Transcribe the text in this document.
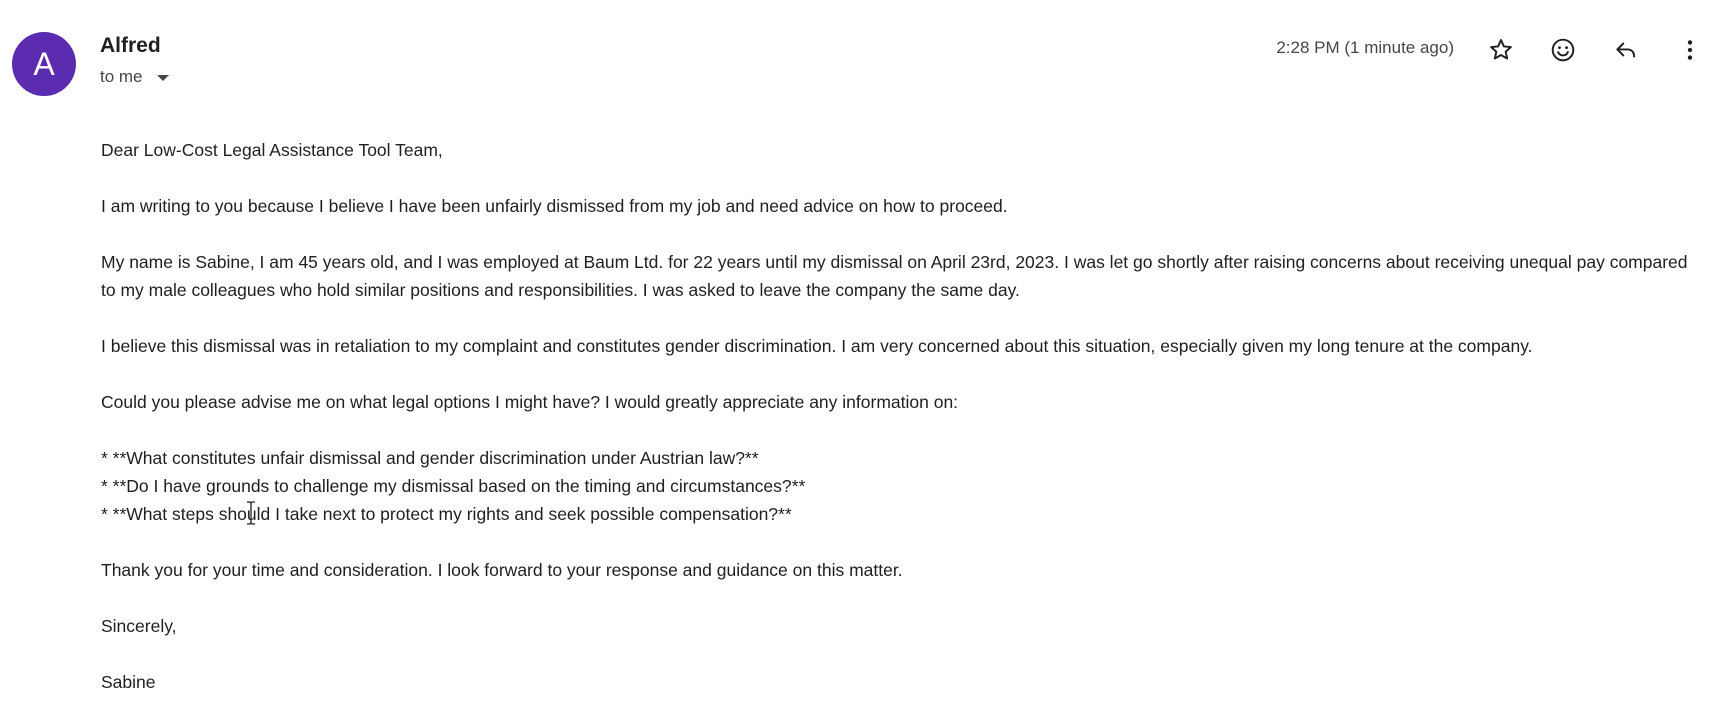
A Alfred
to me
2:28 PM (1 minute ago)

Dear Low-Cost Legal Assistance Tool Team,

I am writing to you because I believe I have been unfairly dismissed from my job and need advice on how to proceed.

My name is Sabine, I am 45 years old, and I was employed at Baum Ltd. for 22 years until my dismissal on April 23rd, 2023. I was let go shortly after raising concerns about receiving unequal pay compared to my male colleagues who hold similar positions and responsibilities. I was asked to leave the company the same day.

I believe this dismissal was in retaliation to my complaint and constitutes gender discrimination. I am very concerned about this situation, especially given my long tenure at the company.

Could you please advise me on what legal options I might have? I would greatly appreciate any information on:

* **What constitutes unfair dismissal and gender discrimination under Austrian law?**
* **Do I have grounds to challenge my dismissal based on the timing and circumstances?**
* **What steps should I take next to protect my rights and seek possible compensation?**

Thank you for your time and consideration. I look forward to your response and guidance on this matter.

Sincerely,

Sabine
